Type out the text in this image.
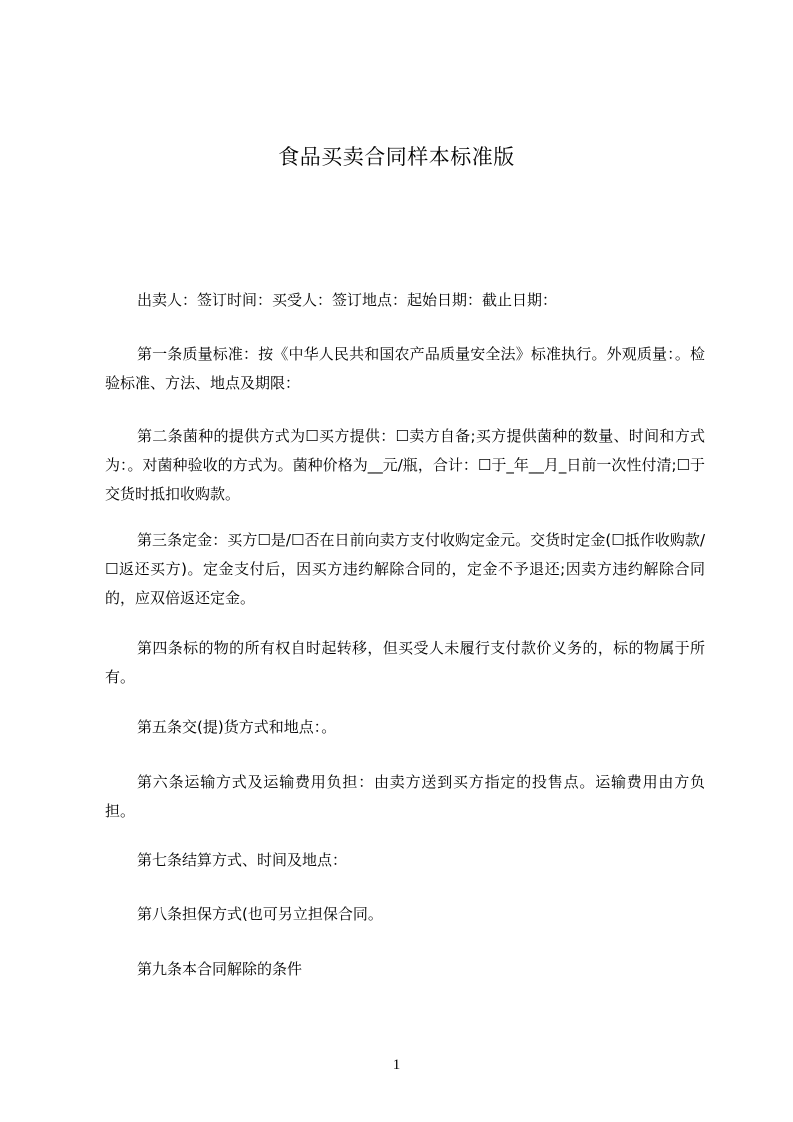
食品买卖合同样本标准版

出卖人：签订时间：买受人：签订地点：起始日期：截止日期：

第一条质量标准：按《中华人民共和国农产品质量安全法》标准执行。外观质量：。检验标准、方法、地点及期限：

第二条菌种的提供方式为☐买方提供：☐卖方自备;买方提供菌种的数量、时间和方式为：。对菌种验收的方式为。菌种价格为__元/瓶，合计：☐于_年__月_日前一次性付清;☐于交货时抵扣收购款。

第三条定金：买方☐是/☐否在日前向卖方支付收购定金元。交货时定金(☐抵作收购款/☐返还买方)。定金支付后，因买方违约解除合同的，定金不予退还;因卖方违约解除合同的，应双倍返还定金。

第四条标的物的所有权自时起转移，但买受人未履行支付款价义务的，标的物属于所有。

第五条交(提)货方式和地点：。

第六条运输方式及运输费用负担：由卖方送到买方指定的投售点。运输费用由方负担。

第七条结算方式、时间及地点：

第八条担保方式(也可另立担保合同。

第九条本合同解除的条件

1
